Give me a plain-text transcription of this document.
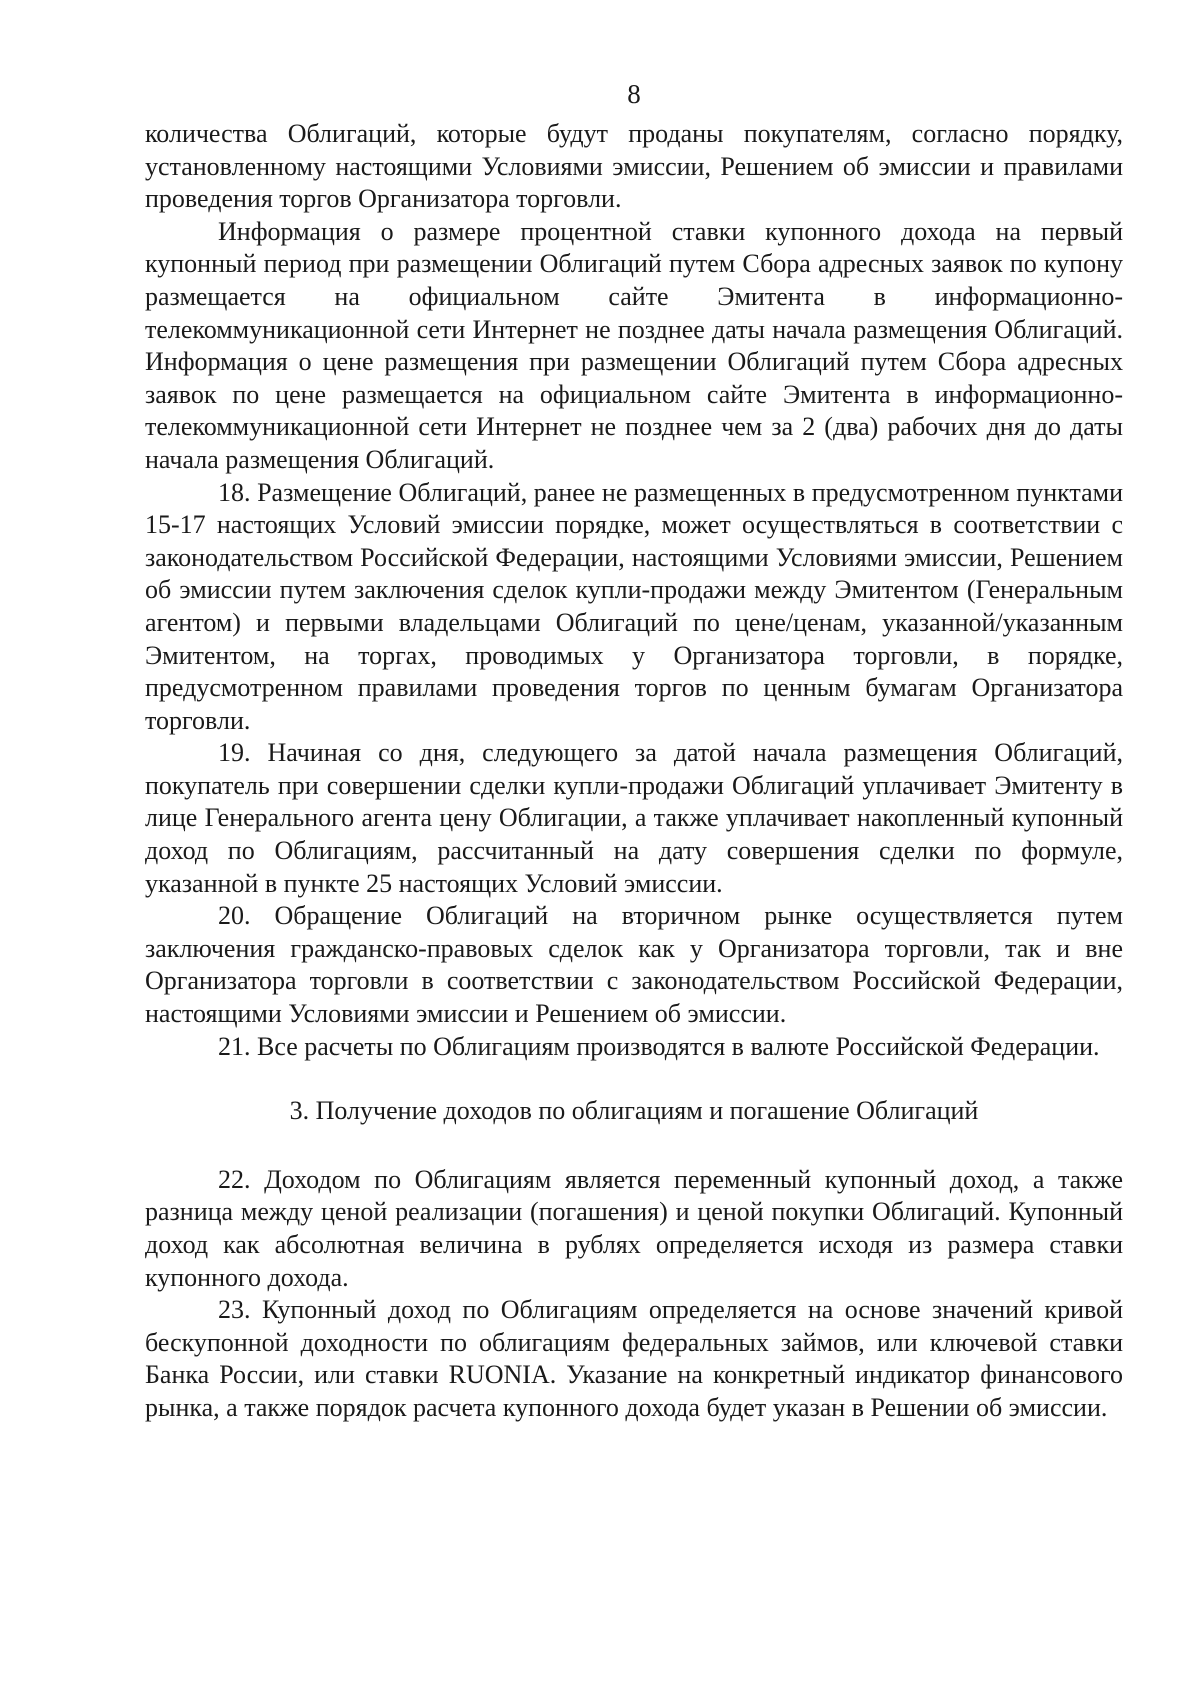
8

количества Облигаций, которые будут проданы покупателям, согласно порядку, установленному настоящими Условиями эмиссии, Решением об эмиссии и правилами проведения торгов Организатора торговли.

Информация о размере процентной ставки купонного дохода на первый купонный период при размещении Облигаций путем Сбора адресных заявок по купону размещается на официальном сайте Эмитента в информационно-телекоммуникационной сети Интернет не позднее даты начала размещения Облигаций. Информация о цене размещения при размещении Облигаций путем Сбора адресных заявок по цене размещается на официальном сайте Эмитента в информационно-телекоммуникационной сети Интернет не позднее чем за 2 (два) рабочих дня до даты начала размещения Облигаций.

18. Размещение Облигаций, ранее не размещенных в предусмотренном пунктами 15-17 настоящих Условий эмиссии порядке, может осуществляться в соответствии с законодательством Российской Федерации, настоящими Условиями эмиссии, Решением об эмиссии путем заключения сделок купли-продажи между Эмитентом (Генеральным агентом) и первыми владельцами Облигаций по цене/ценам, указанной/указанным Эмитентом, на торгах, проводимых у Организатора торговли, в порядке, предусмотренном правилами проведения торгов по ценным бумагам Организатора торговли.

19. Начиная со дня, следующего за датой начала размещения Облигаций, покупатель при совершении сделки купли-продажи Облигаций уплачивает Эмитенту в лице Генерального агента цену Облигации, а также уплачивает накопленный купонный доход по Облигациям, рассчитанный на дату совершения сделки по формуле, указанной в пункте 25 настоящих Условий эмиссии.

20. Обращение Облигаций на вторичном рынке осуществляется путем заключения гражданско-правовых сделок как у Организатора торговли, так и вне Организатора торговли в соответствии с законодательством Российской Федерации, настоящими Условиями эмиссии и Решением об эмиссии.

21. Все расчеты по Облигациям производятся в валюте Российской Федерации.

3. Получение доходов по облигациям и погашение Облигаций

22. Доходом по Облигациям является переменный купонный доход, а также разница между ценой реализации (погашения) и ценой покупки Облигаций. Купонный доход как абсолютная величина в рублях определяется исходя из размера ставки купонного дохода.

23. Купонный доход по Облигациям определяется на основе значений кривой бескупонной доходности по облигациям федеральных займов, или ключевой ставки Банка России, или ставки RUONIA. Указание на конкретный индикатор финансового рынка, а также порядок расчета купонного дохода будет указан в Решении об эмиссии.
